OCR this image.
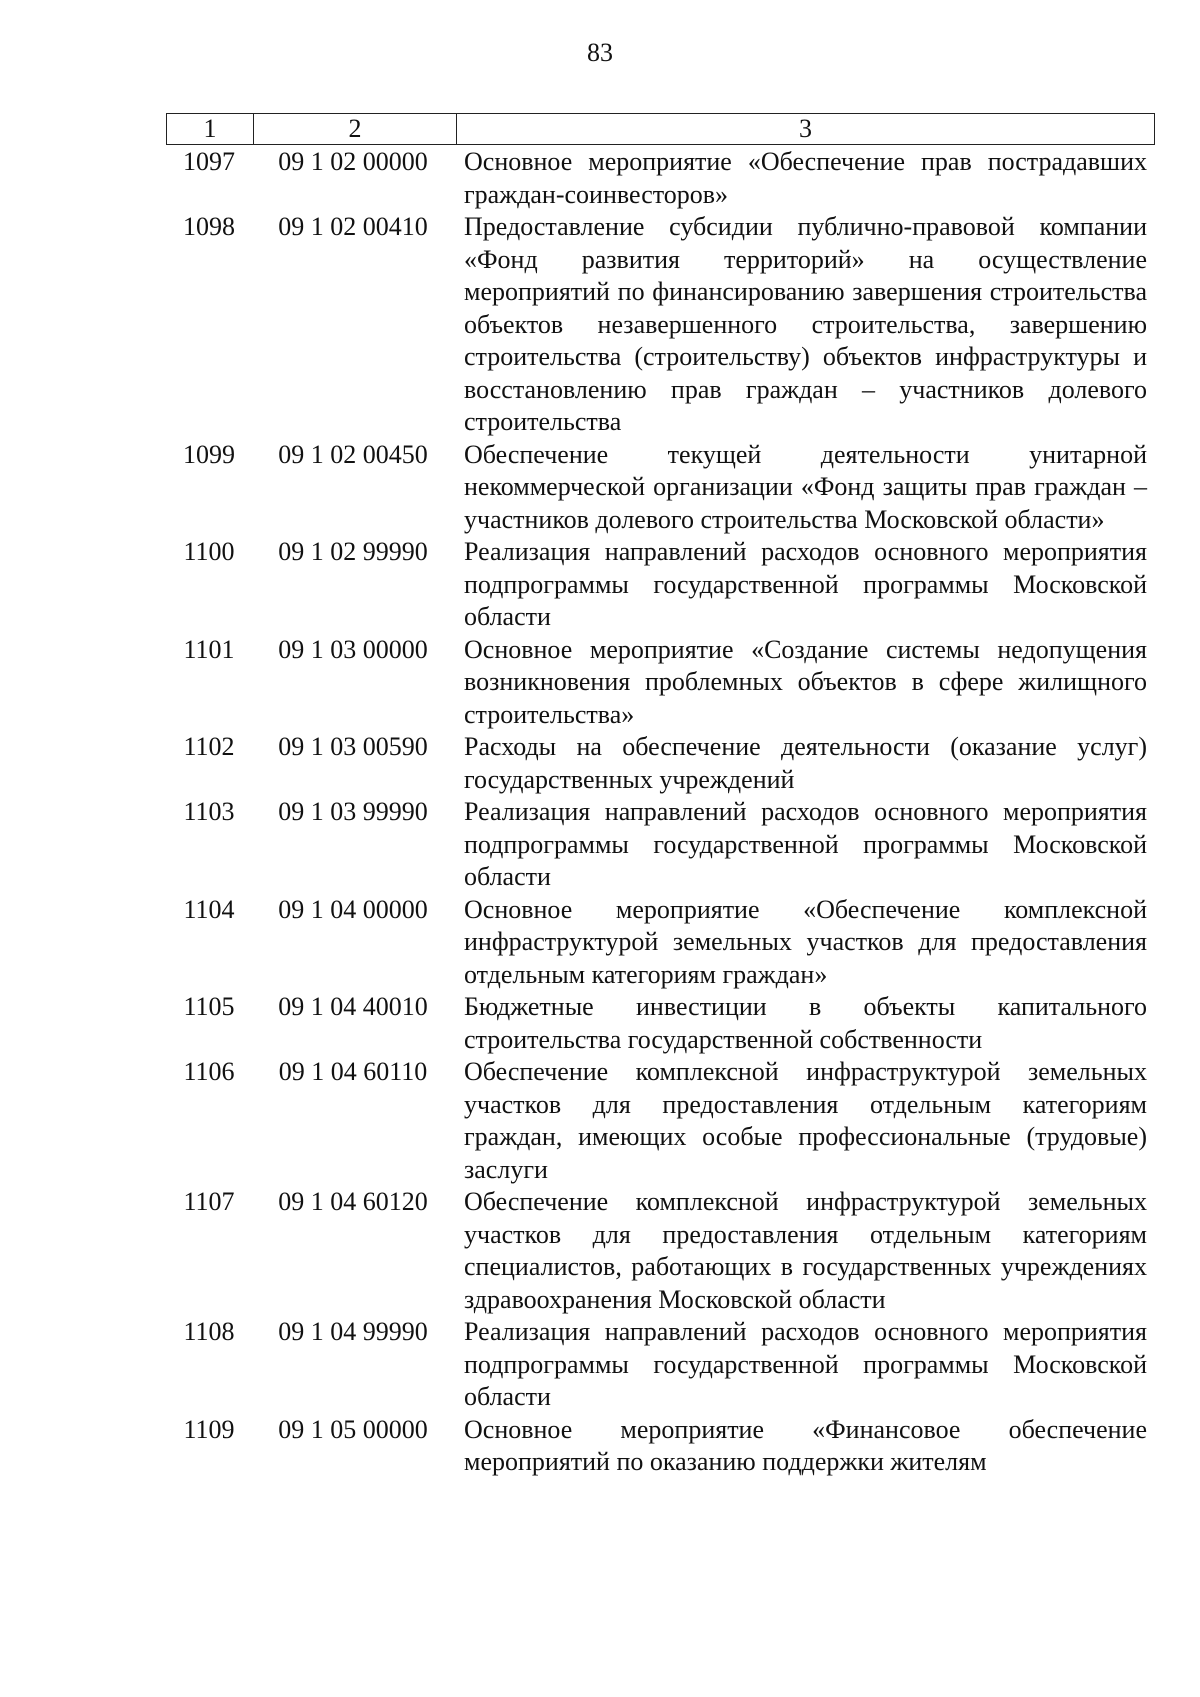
83
1	2	3
1097	09 1 02 00000	Основное мероприятие «Обеспечение прав пострадавших граждан-соинвесторов»
1098	09 1 02 00410	Предоставление субсидии публично-правовой компании «Фонд развития территорий» на осуществление мероприятий по финансированию завершения строительства объектов незавершенного строительства, завершению строительства (строительству) объектов инфраструктуры и восстановлению прав граждан – участников долевого строительства
1099	09 1 02 00450	Обеспечение текущей деятельности унитарной некоммерческой организации «Фонд защиты прав граждан – участников долевого строительства Московской области»
1100	09 1 02 99990	Реализация направлений расходов основного мероприятия подпрограммы государственной программы Московской области
1101	09 1 03 00000	Основное мероприятие «Создание системы недопущения возникновения проблемных объектов в сфере жилищного строительства»
1102	09 1 03 00590	Расходы на обеспечение деятельности (оказание услуг) государственных учреждений
1103	09 1 03 99990	Реализация направлений расходов основного мероприятия подпрограммы государственной программы Московской области
1104	09 1 04 00000	Основное мероприятие «Обеспечение комплексной инфраструктурой земельных участков для предоставления отдельным категориям граждан»
1105	09 1 04 40010	Бюджетные инвестиции в объекты капитального строительства государственной собственности
1106	09 1 04 60110	Обеспечение комплексной инфраструктурой земельных участков для предоставления отдельным категориям граждан, имеющих особые профессиональные (трудовые) заслуги
1107	09 1 04 60120	Обеспечение комплексной инфраструктурой земельных участков для предоставления отдельным категориям специалистов, работающих в государственных учреждениях здравоохранения Московской области
1108	09 1 04 99990	Реализация направлений расходов основного мероприятия подпрограммы государственной программы Московской области
1109	09 1 05 00000	Основное мероприятие «Финансовое обеспечение мероприятий по оказанию поддержки жителям
